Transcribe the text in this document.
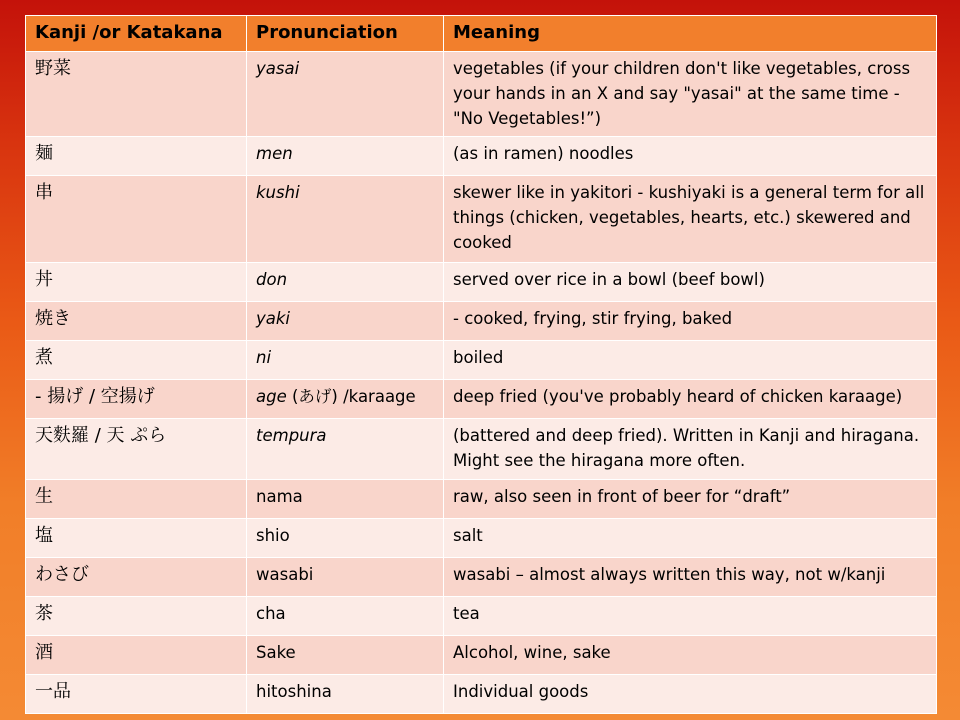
Kanji /or Katakana	Pronunciation	Meaning
野菜	yasai	vegetables (if your children don't like vegetables, cross your hands in an X and say "yasai" at the same time - "No Vegetables!”)
麺	men	(as in ramen) noodles
串	kushi	skewer like in yakitori - kushiyaki is a general term for all things (chicken, vegetables, hearts, etc.) skewered and cooked
丼	don	served over rice in a bowl (beef bowl)
焼き	yaki	- cooked, frying, stir frying, baked
煮	ni	boiled
- 揚げ / 空揚げ	age (あげ) /karaage	deep fried (you've probably heard of chicken karaage)
天麩羅 / 天 ぷら	tempura	(battered and deep fried). Written in Kanji and hiragana. Might see the hiragana more often.
生	nama	raw, also seen in front of beer for “draft”
塩	shio	salt
わさび	wasabi	wasabi – almost always written this way, not w/kanji
茶	cha	tea
酒	Sake	Alcohol, wine, sake
一品	hitoshina	Individual goods
